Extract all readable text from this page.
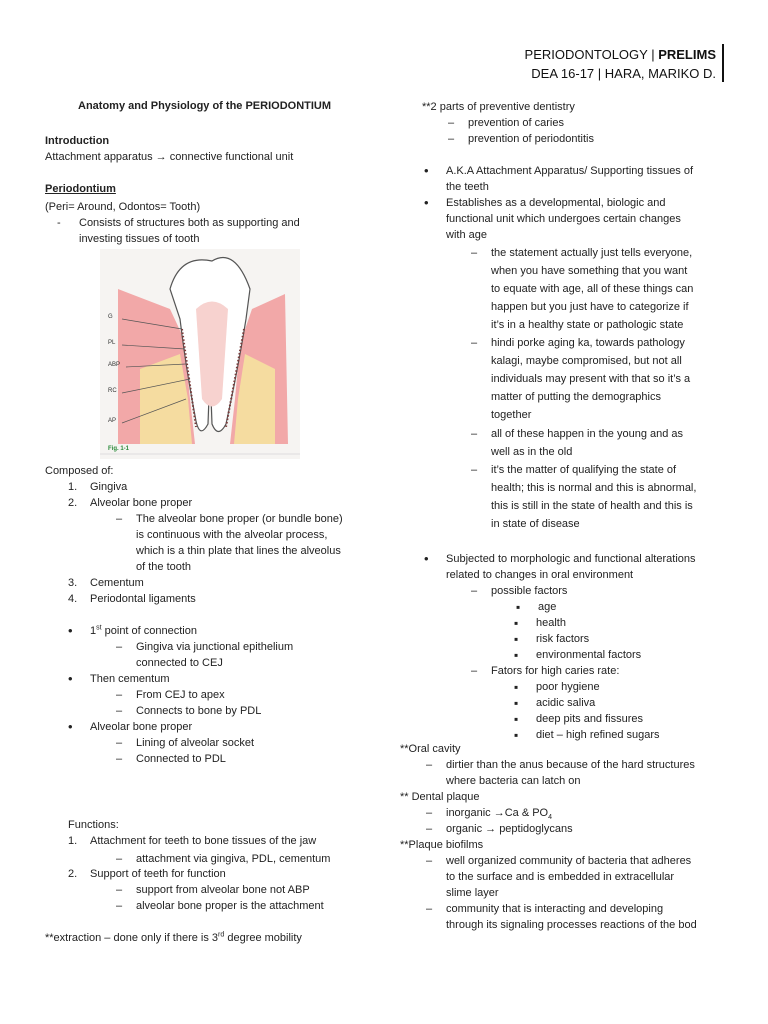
PERIODONTOLOGY | PRELIMS
DEA 16-17 | HARA, MARIKO D.
Anatomy and Physiology of the PERIODONTIUM
Introduction
Attachment apparatus → connective functional unit
Periodontium
(Peri= Around, Odontos= Tooth)
- Consists of structures both as supporting and
investing tissues of tooth
G
PL
ABP
RC
AP
Fig. 1-1
Composed of:
1. Gingiva
2. Alveolar bone proper
– The alveolar bone proper (or bundle bone)
is continuous with the alveolar process,
which is a thin plate that lines the alveolus
of the tooth
3. Cementum
4. Periodontal ligaments
• 1st point of connection
– Gingiva via junctional epithelium
connected to CEJ
• Then cementum
– From CEJ to apex
– Connects to bone by PDL
• Alveolar bone proper
– Lining of alveolar socket
– Connected to PDL
Functions:
1. Attachment for teeth to bone tissues of the jaw
– attachment via gingiva, PDL, cementum
2. Support of teeth for function
– support from alveolar bone not ABP
– alveolar bone proper is the attachment
**extraction – done only if there is 3rd degree mobility
**2 parts of preventive dentistry
– prevention of caries
– prevention of periodontitis
• A.K.A Attachment Apparatus/ Supporting tissues of
the teeth
• Establishes as a developmental, biologic and
functional unit which undergoes certain changes
with age
– the statement actually just tells everyone,
when you have something that you want
to equate with age, all of these things can
happen but you just have to categorize if
it’s in a healthy state or pathologic state
– hindi porke aging ka, towards pathology
kalagi, maybe compromised, but not all
individuals may present with that so it’s a
matter of putting the demographics
together
– all of these happen in the young and as
well as in the old
– it’s the matter of qualifying the state of
health; this is normal and this is abnormal,
this is still in the state of health and this is
in state of disease
• Subjected to morphologic and functional alterations
related to changes in oral environment
– possible factors
▪ age
▪ health
▪ risk factors
▪ environmental factors
– Fators for high caries rate:
▪ poor hygiene
▪ acidic saliva
▪ deep pits and fissures
▪ diet – high refined sugars
**Oral cavity
– dirtier than the anus because of the hard structures
where bacteria can latch on
** Dental plaque
– inorganic →Ca & $PO_4$
– organic → peptidoglycans
**Plaque biofilms
– well organized community of bacteria that adheres
to the surface and is embedded in extracellular
slime layer
– community that is interacting and developing
through its signaling processes reactions of the bod
